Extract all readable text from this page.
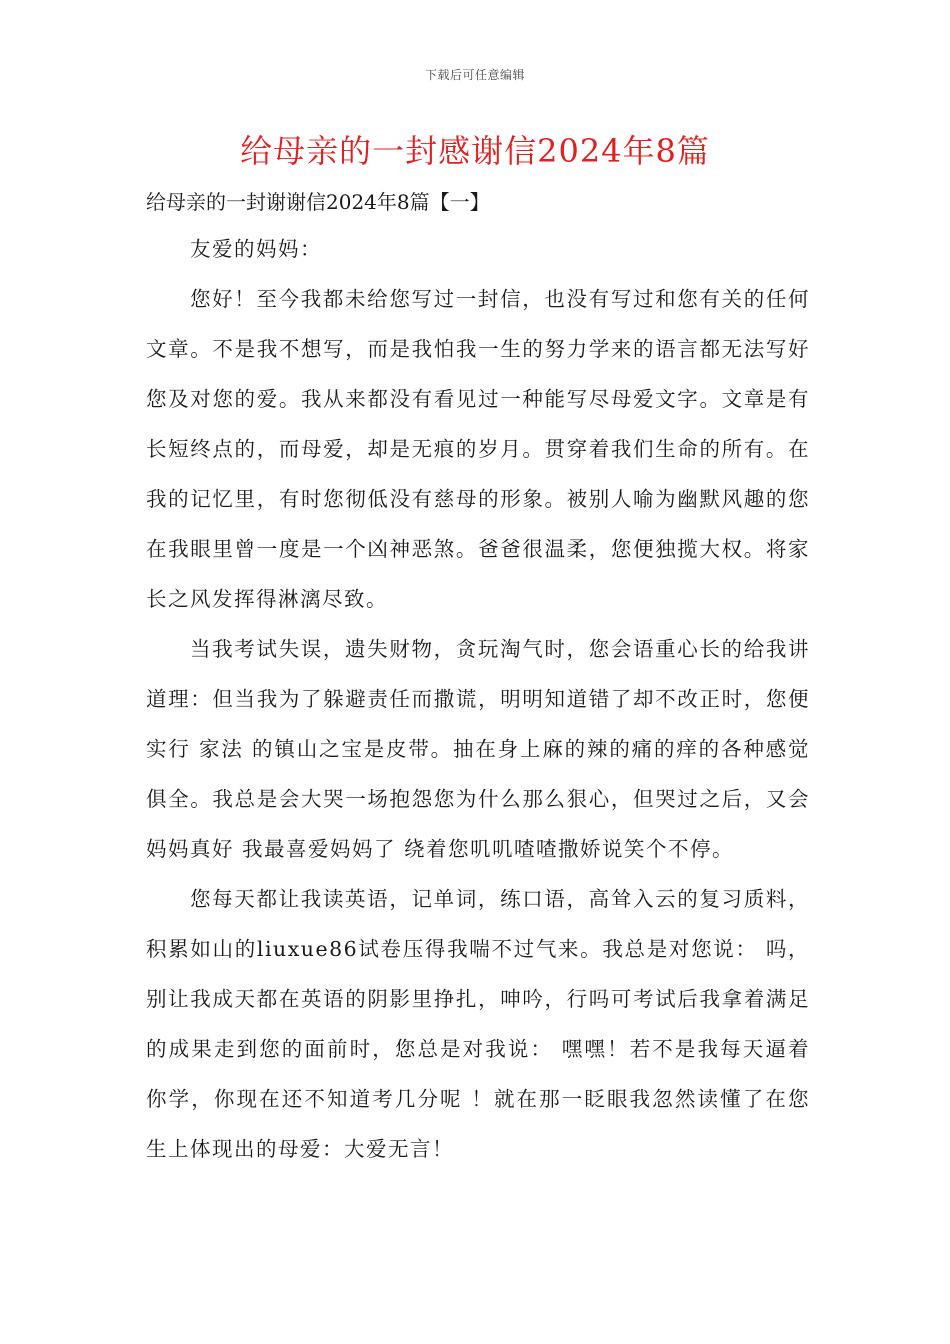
下载后可任意编辑
给母亲的一封感谢信2024年8篇
给母亲的一封谢谢信2024年8篇【一】

友爱的妈妈：

您好！至今我都未给您写过一封信，也没有写过和您有关的任何文章。不是我不想写，而是我怕我一生的努力学来的语言都无法写好您及对您的爱。我从来都没有看见过一种能写尽母爱文字。文章是有长短终点的，而母爱，却是无痕的岁月。贯穿着我们生命的所有。在我的记忆里，有时您彻低没有慈母的形象。被别人喻为幽默风趣的您在我眼里曾一度是一个凶神恶煞。爸爸很温柔，您便独揽大权。将家长之风发挥得淋漓尽致。

当我考试失误，遗失财物，贪玩淘气时，您会语重心长的给我讲道理：但当我为了躲避责任而撒谎，明明知道错了却不改正时，您便实行 家法 的镇山之宝是皮带。抽在身上麻的辣的痛的痒的各种感觉俱全。我总是会大哭一场抱怨您为什么那么狠心，但哭过之后，又会 妈妈真好 我最喜爱妈妈了 绕着您叽叽喳喳撒娇说笑个不停。

您每天都让我读英语，记单词，练口语，高耸入云的复习质料，积累如山的liuxue86试卷压得我喘不过气来。我总是对您说： 吗，别让我成天都在英语的阴影里挣扎，呻吟，行吗可考试后我拿着满足的成果走到您的面前时，您总是对我说： 嘿嘿！若不是我每天逼着你学，你现在还不知道考几分呢 ！就在那一眨眼我忽然读懂了在您生上体现出的母爱：大爱无言！
